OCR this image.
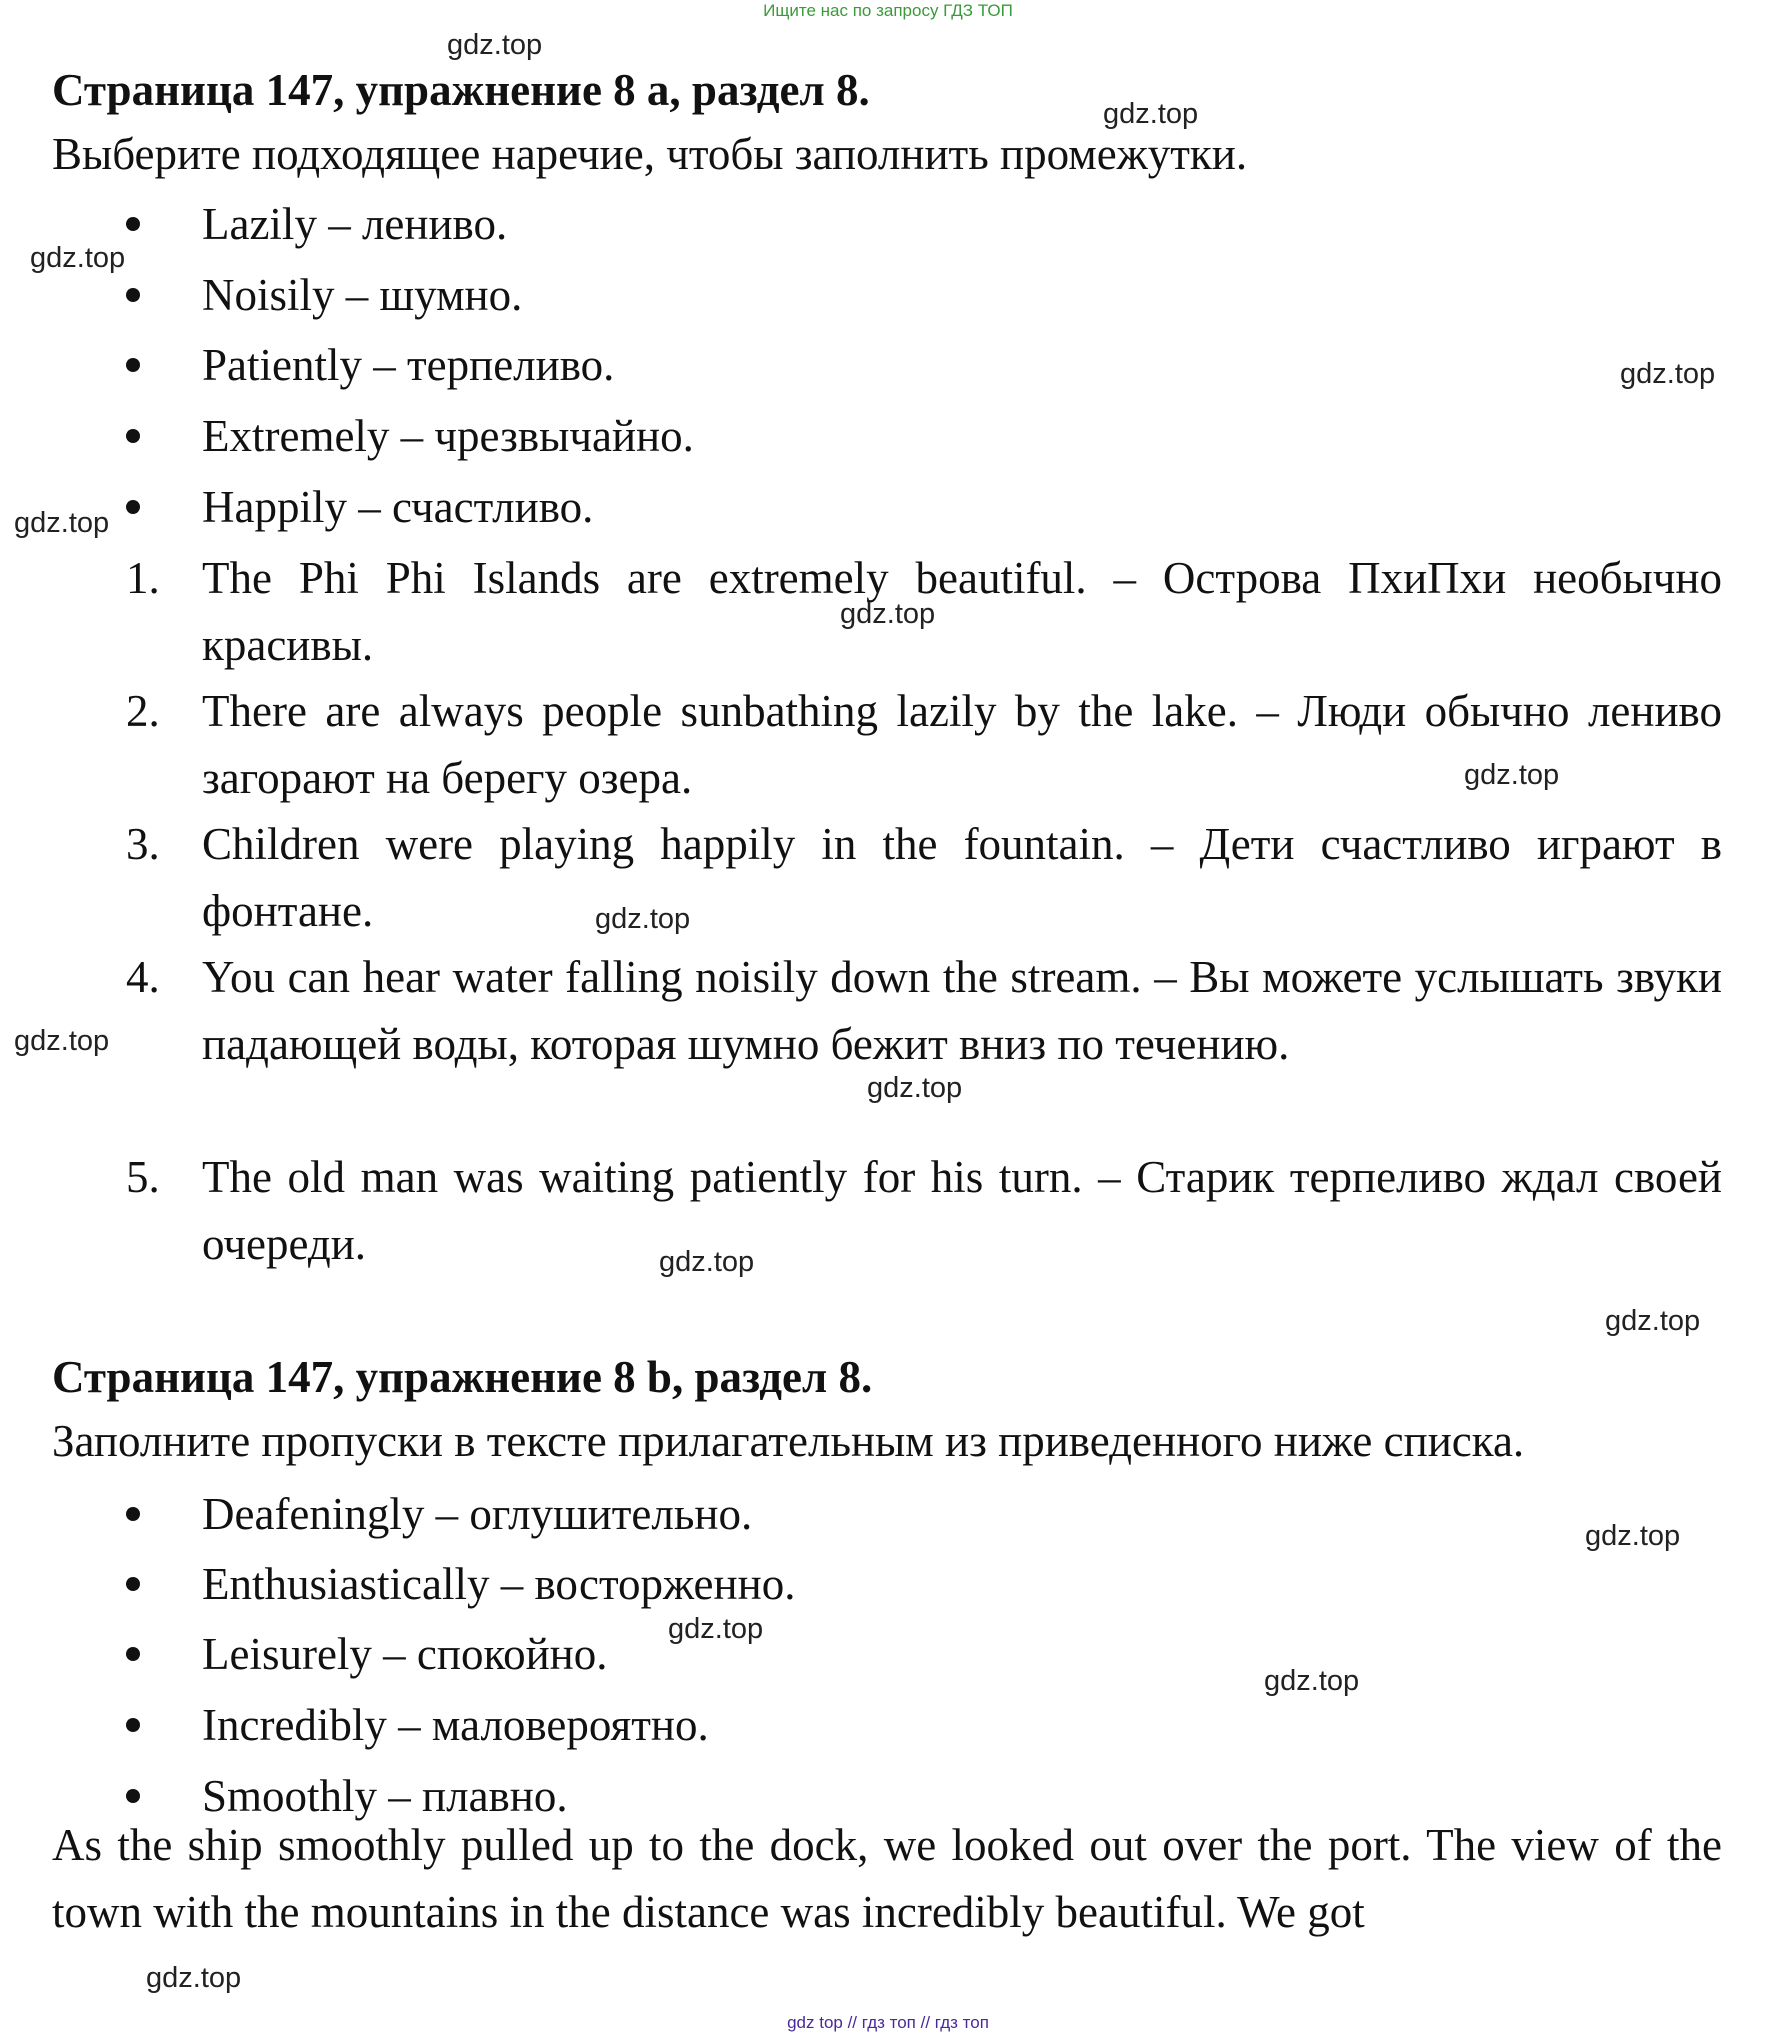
Ищите нас по запросу ГДЗ ТОП
Страница 147, упражнение 8 a, раздел 8.
Выберите подходящее наречие, чтобы заполнить промежутки.
Lazily – лениво.
Noisily – шумно.
Patiently – терпеливо.
Extremely – чрезвычайно.
Happily – счастливо.
1. The Phi Phi Islands are extremely beautiful. – Острова ПхиПхи необычно красивы.
2. There are always people sunbathing lazily by the lake. – Люди обычно лениво загорают на берегу озера.
3. Children were playing happily in the fountain. – Дети счастливо играют в фонтане.
4. You can hear water falling noisily down the stream. – Вы можете услышать звуки падающей воды, которая шумно бежит вниз по течению.
5. The old man was waiting patiently for his turn. – Старик терпеливо ждал своей очереди.
Страница 147, упражнение 8 b, раздел 8.
Заполните пропуски в тексте прилагательным из приведенного ниже списка.
Deafeningly – оглушительно.
Enthusiastically – восторженно.
Leisurely – спокойно.
Incredibly – маловероятно.
Smoothly – плавно.
As the ship smoothly pulled up to the dock, we looked out over the port. The view of the town with the mountains in the distance was incredibly beautiful. We got
gdz.top
gdz.top
gdz.top
gdz.top
gdz.top
gdz.top
gdz.top
gdz.top
gdz.top
gdz.top
gdz.top
gdz.top
gdz.top
gdz.top
gdz.top
gdz.top
gdz top // гдз топ // гдз топ
